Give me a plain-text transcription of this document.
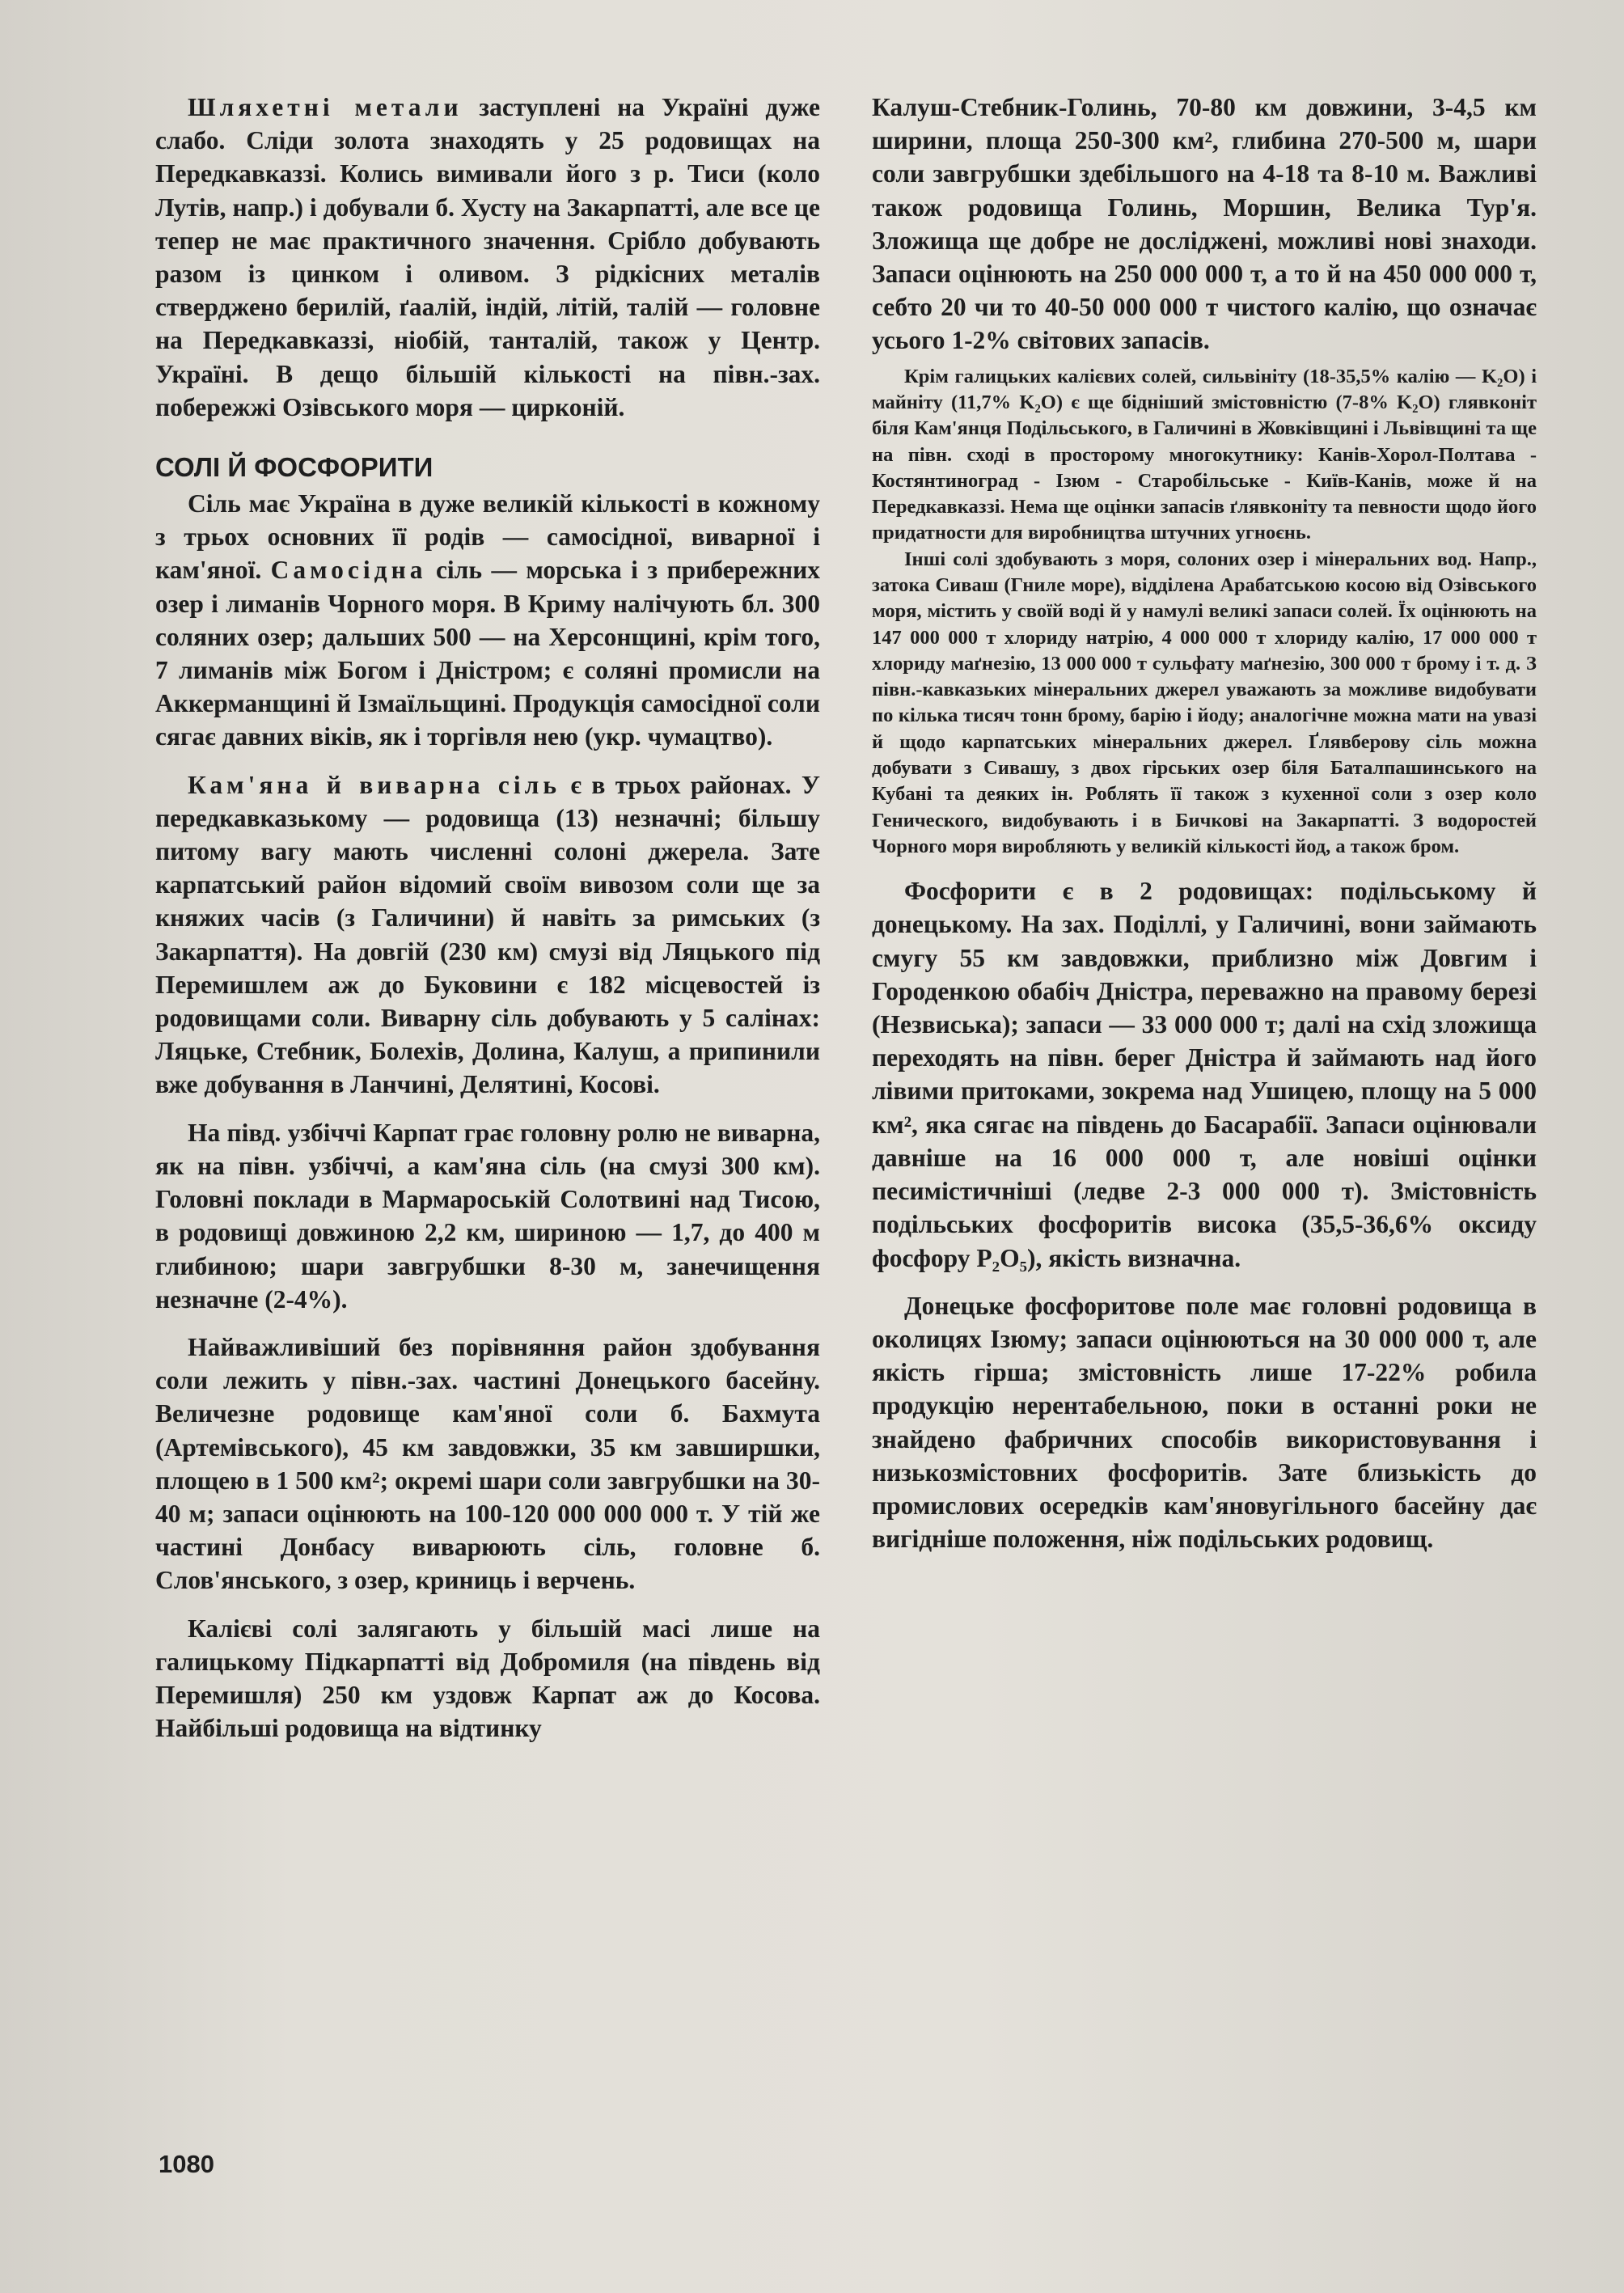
Шляхетні метали заступлені на Україні дуже слабо. Сліди золота знаходять у 25 родовищах на Передкавказзі. Колись вимивали його з р. Тиси (коло Лутів, напр.) і добували б. Хусту на Закарпатті, але все це тепер не має практичного значення. Срібло добувають разом із цинком і оливом. З рідкісних металів ствердженo берилій, ґаалій, індій, літій, талій — головне на Передкавказзі, ніобій, танталій, також у Центр. Україні. В дещо більшій кількості на півн.-зах. побережжі Озівського моря — цирконій.

СОЛІ Й ФОСФОРИТИ

Сіль має Україна в дуже великій кількості в кожному з трьох основних її родів — самосідної, виварної і кам'яної. Самосідна сіль — морська і з прибережних озер і лиманів Чорного моря. В Криму налічують бл. 300 соляних озер; дальших 500 — на Херсонщині, крім того, 7 лиманів між Богом і Дністром; є соляні промисли на Аккерманщині й Ізмаїльщині. Продукція самосідної соли сягає давних віків, як і торгівля нею (укр. чумацтво).

Кам'яна й виварна сіль є в трьох районах. У передкавказькому — родовища (13) незначні; більшу питому вагу мають численні солоні джерела. Зате карпатський район відомий своїм вивозом соли ще за княжих часів (з Галичини) й навіть за римських (з Закарпаття). На довгій (230 км) смузі від Ляцького під Перемишлем аж до Буковини є 182 місцевостей із родовищами соли. Виварну сіль добувають у 5 салінах: Ляцьке, Стебник, Болехів, Долина, Калуш, а припинили вже добування в Ланчині, Делятині, Косові.

На півд. узбіччі Карпат грає головну ролю не виварна, як на півн. узбіччі, а кам'яна сіль (на смузі 300 км). Головні поклади в Мармароській Солотвині над Тисою, в родовищі довжиною 2,2 км, шириною — 1,7, до 400 м глибиною; шари завгрубшки 8-30 м, занечищення незначне (2-4%).

Найважливіший без порівняння район здобування соли лежить у півн.-зах. частині Донецького басейну. Величезне родовище кам'яної соли б. Бахмута (Артемівського), 45 км завдовжки, 35 км завширшки, площею в 1 500 км²; окремі шари соли завгрубшки на 30-40 м; запаси оцінюють на 100-120 000 000 000 т. У тій же частині Донбасу виварюють сіль, головне б. Слов'янського, з озер, криниць і верчень.

Калієві солі залягають у більшій масі лише на галицькому Підкарпатті від Добромиля (на південь від Перемишля) 250 км уздовж Карпат аж до Косова. Найбільші родовища на відтинку

Калуш-Стебник-Голинь, 70-80 км довжини, 3-4,5 км ширини, площа 250-300 км², глибина 270-500 м, шари соли завгрубшки здебільшого на 4-18 та 8-10 м. Важливі також родовища Голинь, Моршин, Велика Тур'я. Зложища ще добре не досліджені, можливі нові знаходи. Запаси оцінюють на 250 000 000 т, а то й на 450 000 000 т, себто 20 чи то 40-50 000 000 т чистого калію, що означає усього 1-2% світових запасів.

Крім галицьких калієвих солей, сильвініту (18-35,5% калію — K₂O) і майніту (11,7% K₂O) є ще бідніший змістовністю (7-8% K₂O) глявконіт біля Кам'янця Подільського, в Галичині в Жовківщині і Львівщині та ще на півн. сході в просторому многокутнику: Канів-Хорол-Полтава - Костянтиноград - Ізюм - Старобільське - Київ-Канів, може й на Передкавказзі. Нема ще оцінки запасів ґлявконіту та певности щодо його придатности для виробництва штучних угноєнь.

Інші солі здобувають з моря, солоних озер і мінеральних вод. Напр., затока Сиваш (Гниле море), відділена Арабатською косою від Озівського моря, містить у своїй воді й у намулі великі запаси солей. Їх оцінюють на 147 000 000 т хлориду натрію, 4 000 000 т хлориду калію, 17 000 000 т хлориду маґнезію, 13 000 000 т сульфату маґнезію, 300 000 т брому і т. д. З півн.-кавказьких мінеральних джерел уважають за можливе видобувати по кілька тисяч тонн брому, барію і йоду; аналогічне можна мати на увазі й щодо карпатських мінеральних джерел. Ґлявберову сіль можна добувати з Сивашу, з двох гірських озер біля Баталпашинського на Кубані та деяких ін. Роблять її також з кухенної соли з озер коло Генического, видобувають і в Бичкові на Закарпатті. З водоростей Чорного моря виробляють у великій кількості йод, а також бром.

Фосфорити є в 2 родовищах: подільському й донецькому. На зах. Поділлі, у Галичині, вони займають смугу 55 км завдовжки, приблизно між Довгим і Городенкою обабіч Дністра, переважно на правому березі (Незвиська); запаси — 33 000 000 т; далі на схід зложища переходять на півн. берег Дністра й займають над його лівими притоками, зокрема над Ушицею, площу на 5 000 км², яка сягає на південь до Басарабії. Запаси оцінювали давніше на 16 000 000 т, але новіші оцінки песимістичніші (ледве 2-3 000 000 т). Змістовність подільських фосфоритів висока (35,5-36,6% оксиду фосфору P₂O₅), якість визначна.

Донецьке фосфоритове поле має головні родовища в околицях Ізюму; запаси оцінюються на 30 000 000 т, але якість гірша; змістовність лише 17-22% робила продукцію нерентабельною, поки в останні роки не знайдено фабричних способів використовування і низькозмістовних фосфоритів. Зате близькість до промислових осередків кам'яновугільного басейну дає вигідніше положення, ніж подільських родовищ.

1080
